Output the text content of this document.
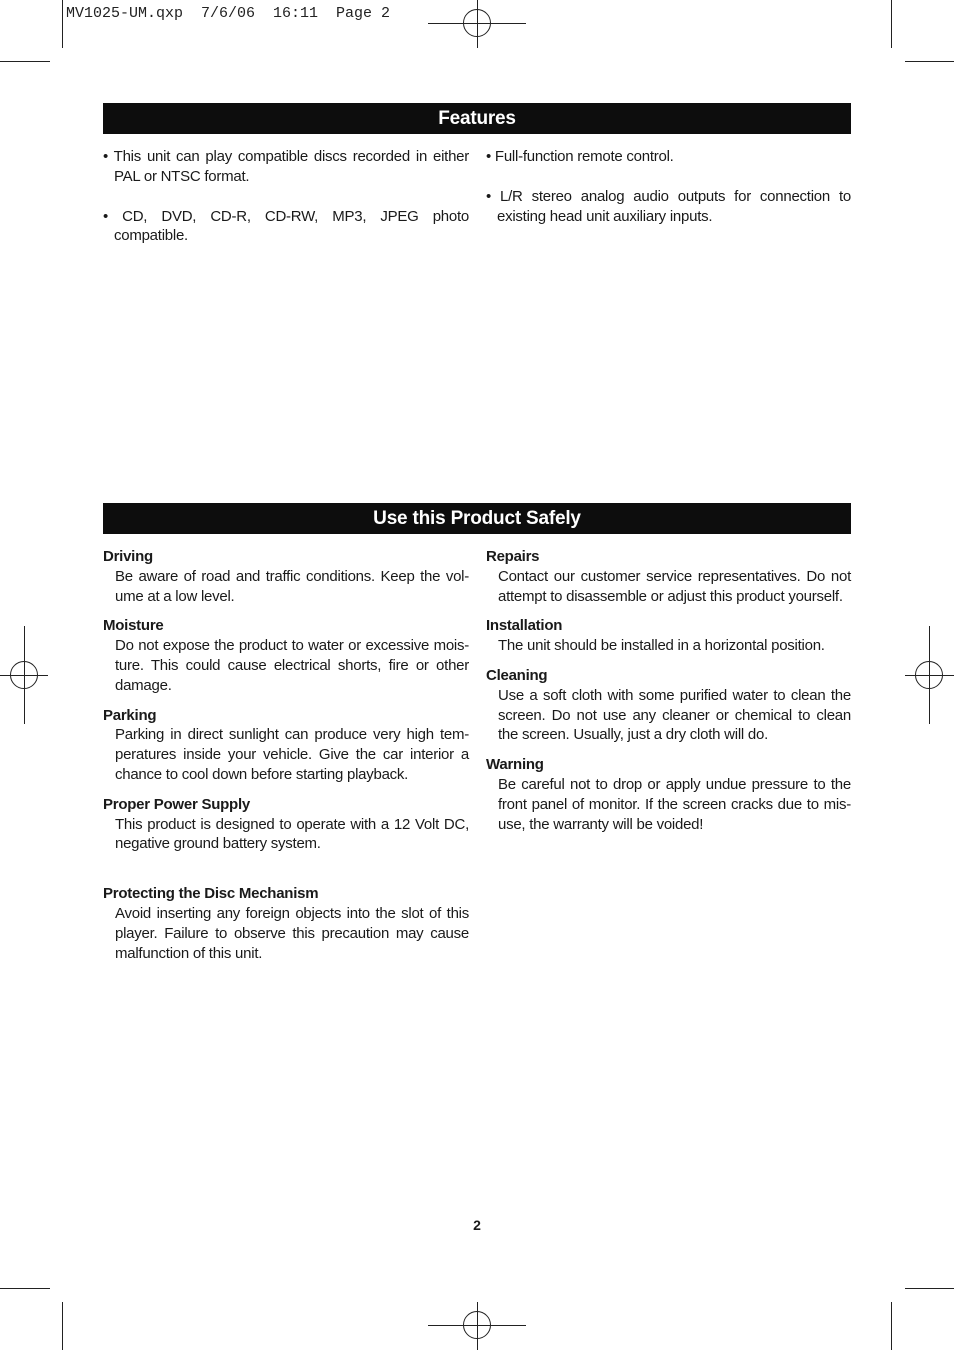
MV1025-UM.qxp  7/6/06  16:11  Page 2
Features

• This unit can play compatible discs recorded in either PAL or NTSC format.

• CD, DVD, CD-R, CD-RW, MP3, JPEG photo compatible.

• Full-function remote control.

• L/R stereo analog audio outputs for connection to existing head unit auxiliary inputs.

Use this Product Safely

Driving

Be aware of road and traffic conditions. Keep the vol-ume at a low level.

Moisture

Do not expose the product to water or excessive mois-ture. This could cause electrical shorts, fire or other damage.

Parking

Parking in direct sunlight can produce very high tem-peratures inside your vehicle. Give the car interior a chance to cool down before starting playback.

Proper Power Supply

This product is designed to operate with a 12 Volt DC, negative ground battery system.

Protecting the Disc Mechanism

Avoid inserting any foreign objects into the slot of this player. Failure to observe this precaution may cause malfunction of this unit.

Repairs

Contact our customer service representatives. Do not attempt to disassemble or adjust this product yourself.

Installation

The unit should be installed in a horizontal position.

Cleaning

Use a soft cloth with some purified water to clean the screen. Do not use any cleaner or chemical to clean the screen. Usually, just a dry cloth will do.

Warning

Be careful not to drop or apply undue pressure to the front panel of monitor. If the screen cracks due to mis-use, the warranty will be voided!

2
